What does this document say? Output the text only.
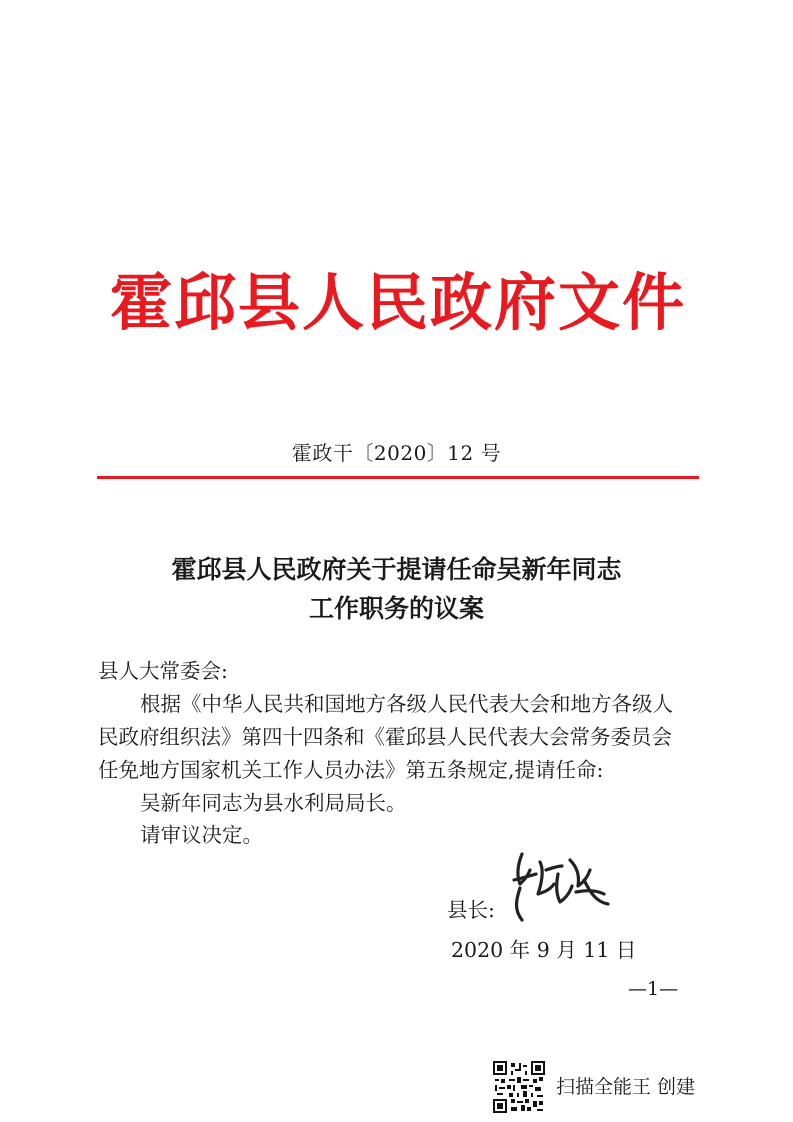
霍邱县人民政府文件
霍政干〔2020〕12 号
霍邱县人民政府关于提请任命吴新年同志
工作职务的议案
县人大常委会:
根据《中华人民共和国地方各级人民代表大会和地方各级人
民政府组织法》第四十四条和《霍邱县人民代表大会常务委员会
任免地方国家机关工作人员办法》第五条规定,提请任命:
吴新年同志为县水利局局长。
请审议决定。
县长:
2020 年 9 月 11 日
—1—
扫描全能王 创建
